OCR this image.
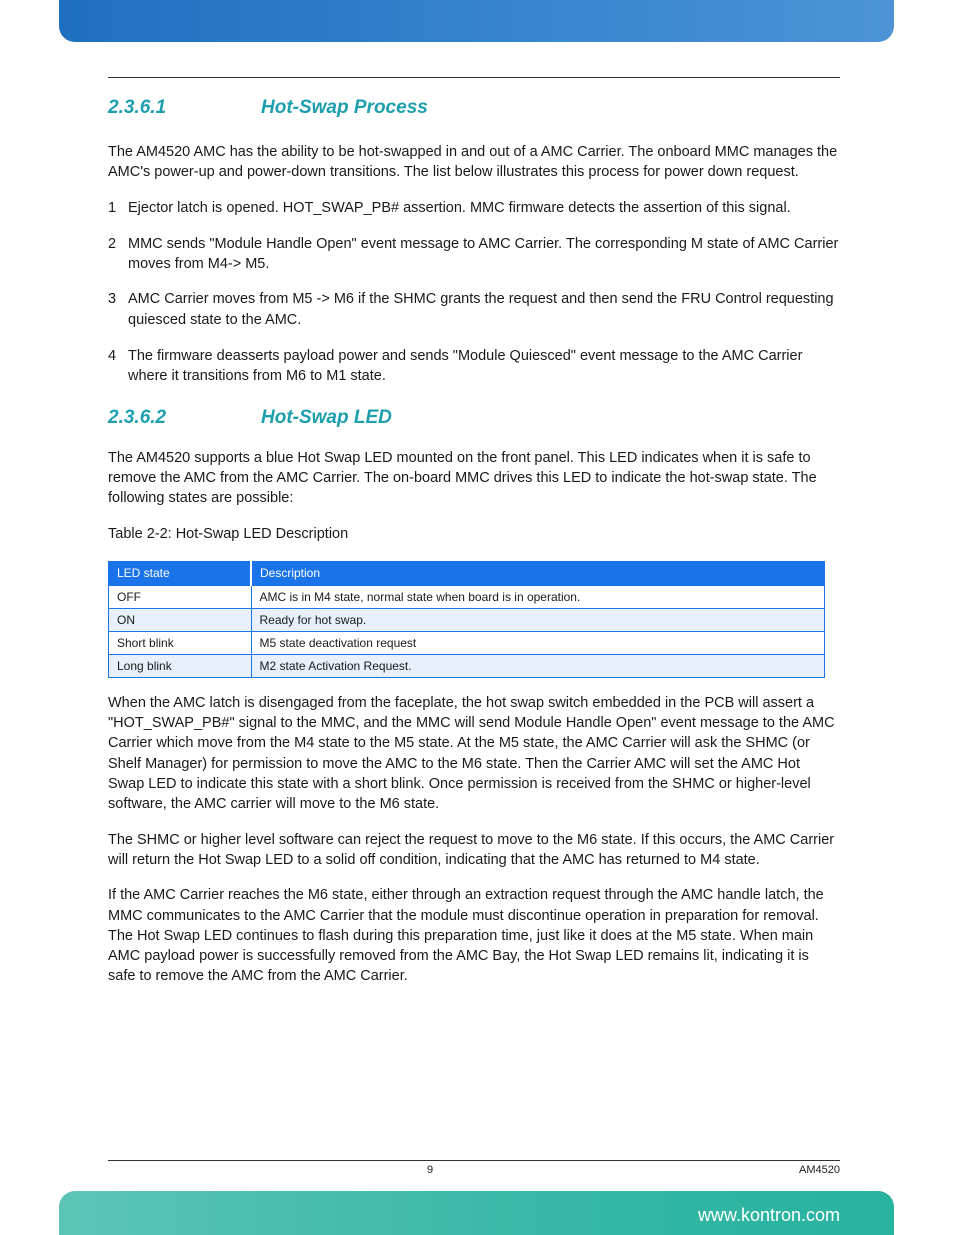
2.3.6.1	Hot-Swap Process

The AM4520 AMC has the ability to be hot-swapped in and out of a AMC Carrier. The onboard MMC manages the AMC's power-up and power-down transitions. The list below illustrates this process for power down request.

1 Ejector latch is opened. HOT_SWAP_PB# assertion. MMC firmware detects the assertion of this signal.
2 MMC sends "Module Handle Open" event message to AMC Carrier. The corresponding M state of AMC Carrier moves from M4-> M5.
3 AMC Carrier moves from M5 -> M6 if the SHMC grants the request and then send the FRU Control requesting quiesced state to the AMC.
4 The firmware deasserts payload power and sends "Module Quiesced" event message to the AMC Carrier where it transitions from M6 to M1 state.
2.3.6.2	Hot-Swap LED

The AM4520 supports a blue Hot Swap LED mounted on the front panel. This LED indicates when it is safe to remove the AMC from the AMC Carrier. The on-board MMC drives this LED to indicate the hot-swap state. The following states are possible:

Table 2-2: Hot-Swap LED Description

LED state	Description
OFF	AMC is in M4 state, normal state when board is in operation.
ON	Ready for hot swap.
Short blink	M5 state deactivation request
Long blink	M2 state Activation Request.

When the AMC latch is disengaged from the faceplate, the hot swap switch embedded in the PCB will assert a "HOT_SWAP_PB#" signal to the MMC, and the MMC will send Module Handle Open" event message to the AMC Carrier which move from the M4 state to the M5 state. At the M5 state, the AMC Carrier will ask the SHMC (or Shelf Manager) for permission to move the AMC to the M6 state. Then the Carrier AMC will set the AMC Hot Swap LED to indicate this state with a short blink. Once permission is received from the SHMC or higher-level software, the AMC carrier will move to the M6 state.

The SHMC or higher level software can reject the request to move to the M6 state. If this occurs, the AMC Carrier will return the Hot Swap LED to a solid off condition, indicating that the AMC has returned to M4 state.

If the AMC Carrier reaches the M6 state, either through an extraction request through the AMC handle latch, the MMC communicates to the AMC Carrier that the module must discontinue operation in preparation for removal. The Hot Swap LED continues to flash during this preparation time, just like it does at the M5 state. When main AMC payload power is successfully removed from the AMC Bay, the Hot Swap LED remains lit, indicating it is safe to remove the AMC from the AMC Carrier.

9	AM4520
www.kontron.com
